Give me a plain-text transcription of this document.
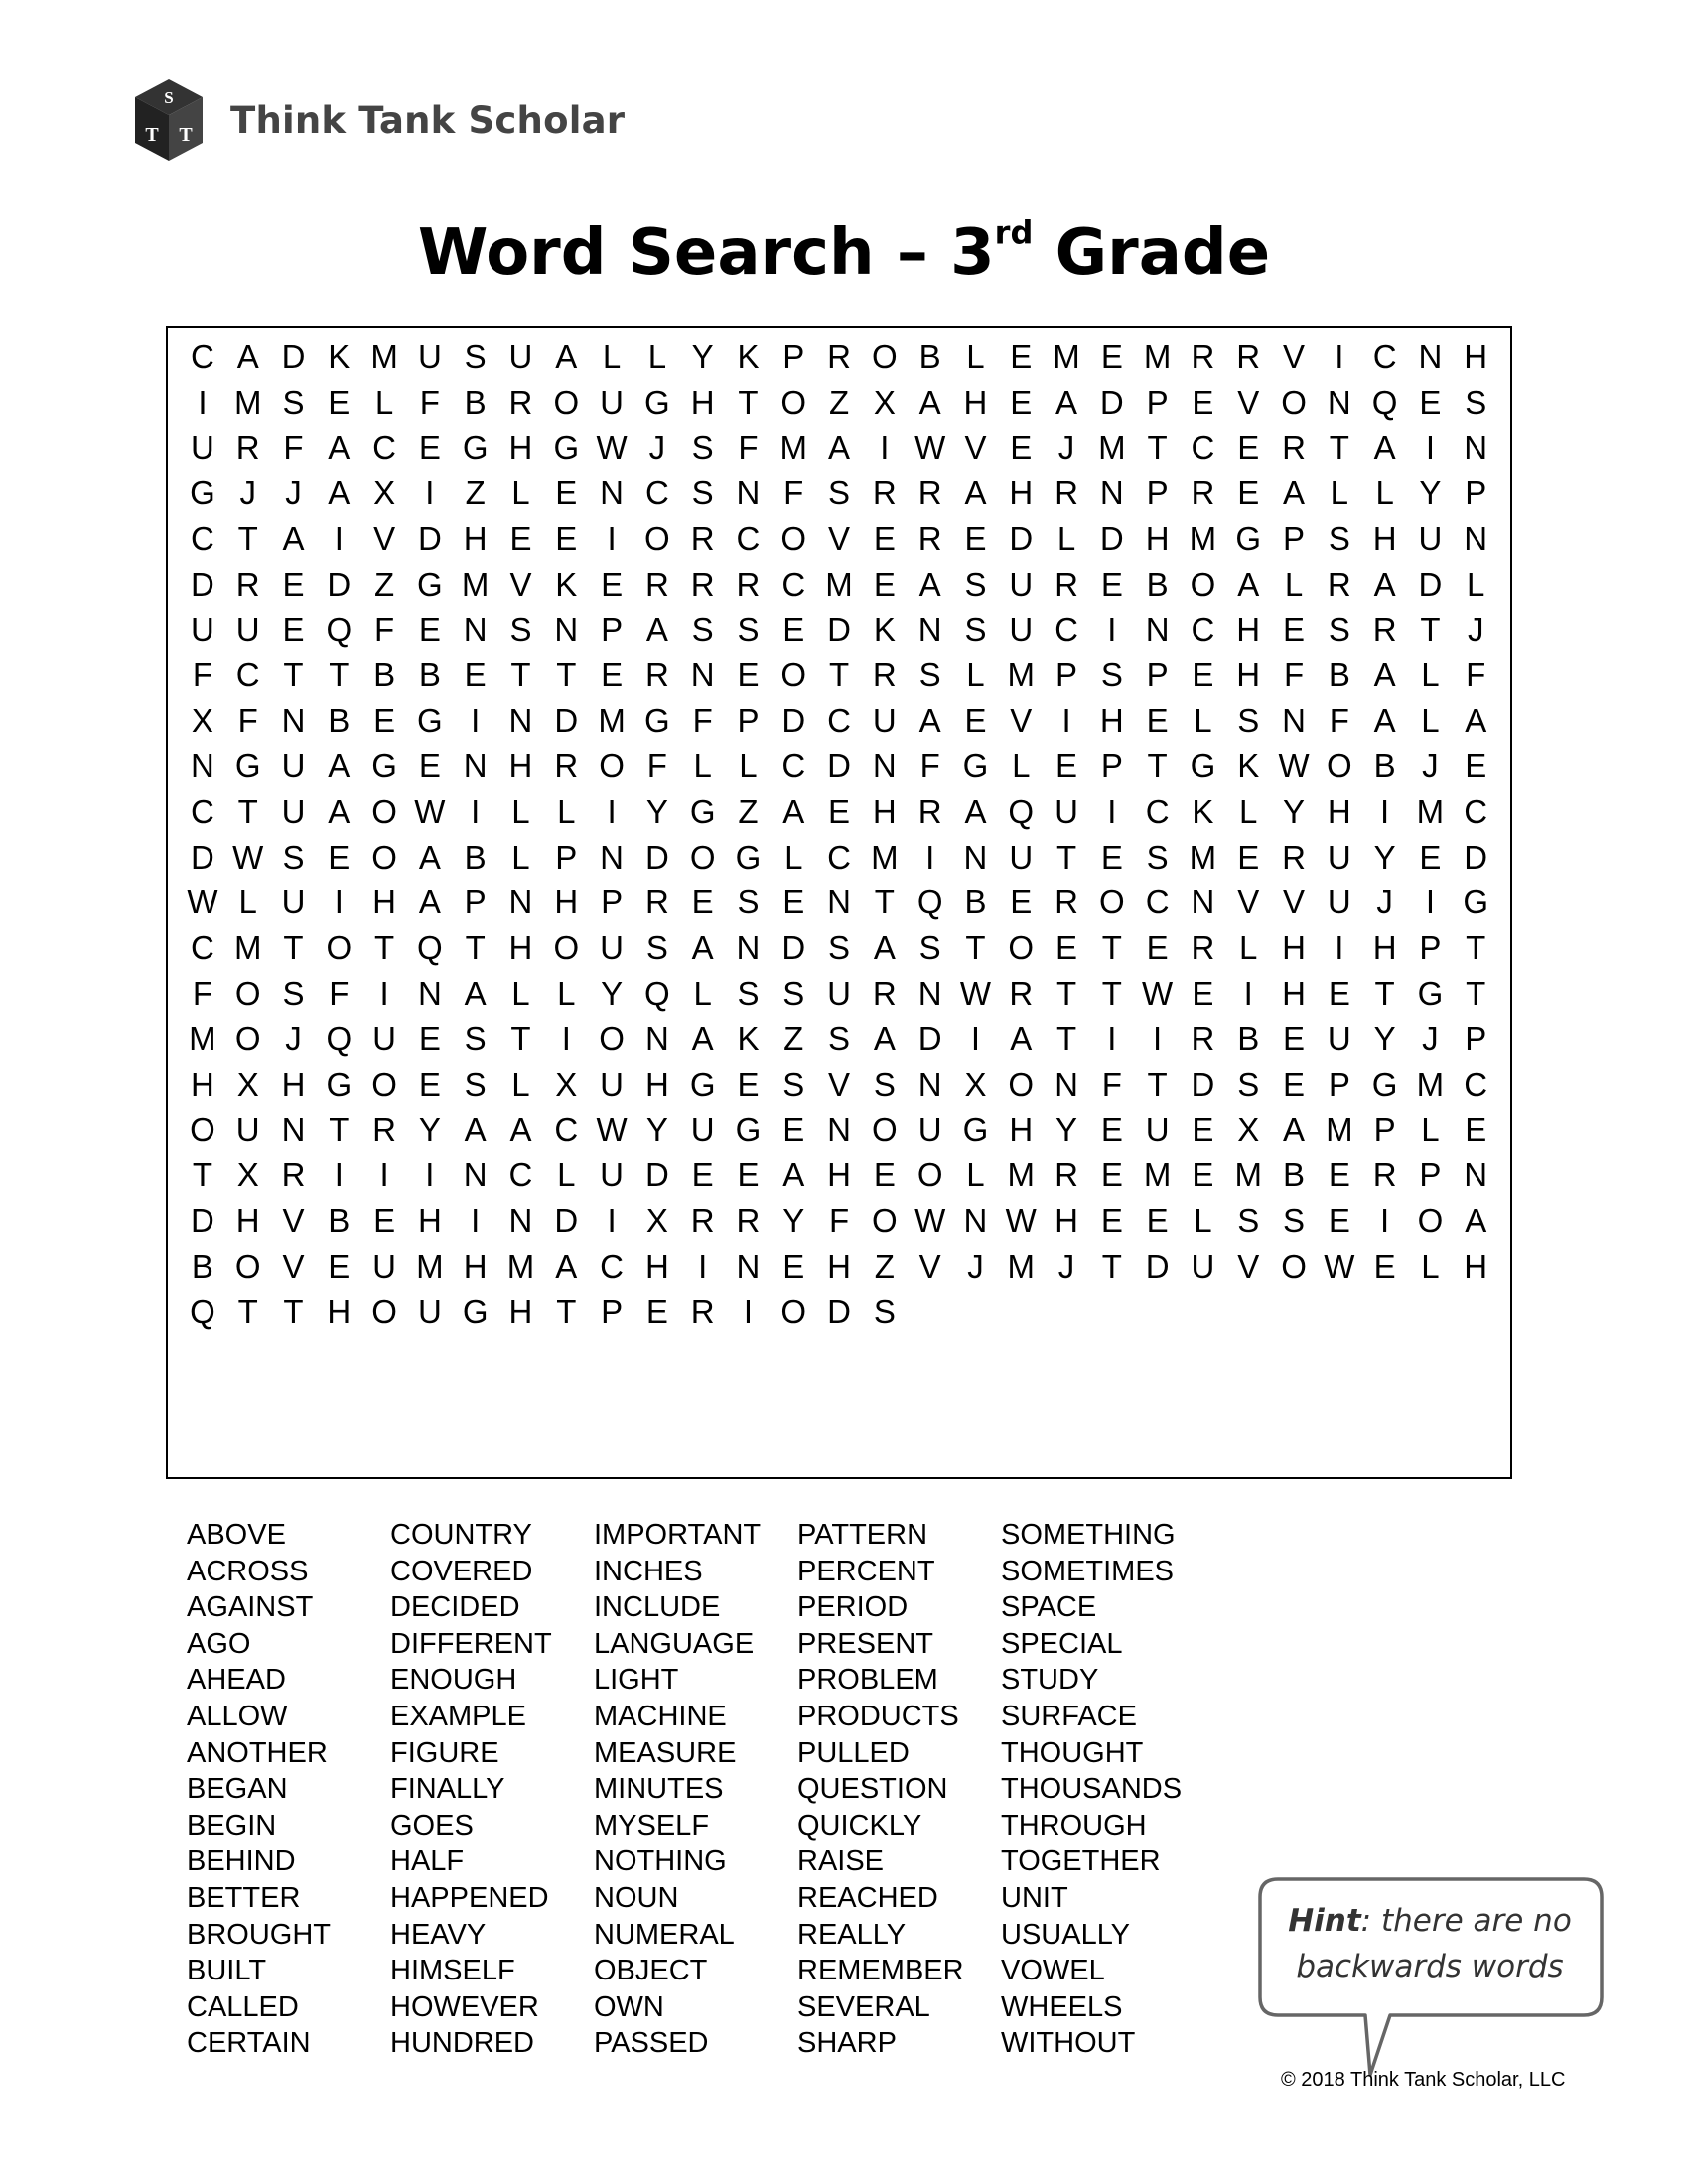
S
T T Think Tank Scholar
Word Search – 3rd Grade
C A D K M U S U A L L Y K P R O B L E M E M R R V I C N H
I M S E L F B R O U G H T O Z X A H E A D P E V O N Q E S
U R F A C E G H G W J S F M A I W V E J M T C E R T A I N
G J J A X I Z L E N C S N F S R R A H R N P R E A L L Y P
C T A I V D H E E I O R C O V E R E D L D H M G P S H U N
D R E D Z G M V K E R R R C M E A S U R E B O A L R A D L
U U E Q F E N S N P A S S E D K N S U C I N C H E S R T J
F C T T B B E T T E R N E O T R S L M P S P E H F B A L F
X F N B E G I N D M G F P D C U A E V I H E L S N F A L A
N G U A G E N H R O F L L C D N F G L E P T G K W O B J E
C T U A O W I L L I Y G Z A E H R A Q U I C K L Y H I M C
D W S E O A B L P N D O G L C M I N U T E S M E R U Y E D
W L U I H A P N H P R E S E N T Q B E R O C N V V U J I G
C M T O T Q T H O U S A N D S A S T O E T E R L H I H P T
F O S F I N A L L Y Q L S S U R N W R T T W E I H E T G T
M O J Q U E S T I O N A K Z S A D I A T I	I R B E U Y J P
H X H G O E S L X U H G E S V S N X O N F T D S E P G M C
O U N T R Y A A C W Y U G E N O U G H Y E U E X A M P L E
T X R I	I	I N C L U D E E A H E O L M R E M E M B E R P N
D H V B E H I N D I X R R Y F O W N W H E E L S S E I O A
B O V E U M H M A C H I N E H Z V J M J T D U V O W E L H
Q T T H O U G H T P E R I O D S
ABOVE
ACROSS
AGAINST
AGO
AHEAD
ALLOW
ANOTHER
BEGAN
BEGIN
BEHIND
BETTER
BROUGHT
BUILT
CALLED
CERTAIN
COUNTRY
COVERED
DECIDED
DIFFERENT
ENOUGH
EXAMPLE
FIGURE
FINALLY
GOES
HALF
HAPPENED
HEAVY
HIMSELF
HOWEVER
HUNDRED
IMPORTANT
INCHES
INCLUDE
LANGUAGE
LIGHT
MACHINE
MEASURE
MINUTES
MYSELF
NOTHING
NOUN
NUMERAL
OBJECT
OWN
PASSED
PATTERN
PERCENT
PERIOD
PRESENT
PROBLEM
PRODUCTS
PULLED
QUESTION
QUICKLY
RAISE
REACHED
REALLY
REMEMBER
SEVERAL
SHARP
SOMETHING
SOMETIMES
SPACE
SPECIAL
STUDY
SURFACE
THOUGHT
THOUSANDS
THROUGH
TOGETHER
UNIT
USUALLY
VOWEL
WHEELS
WITHOUT
Hint: there are no
backwards words
© 2018 Think Tank Scholar, LLC
